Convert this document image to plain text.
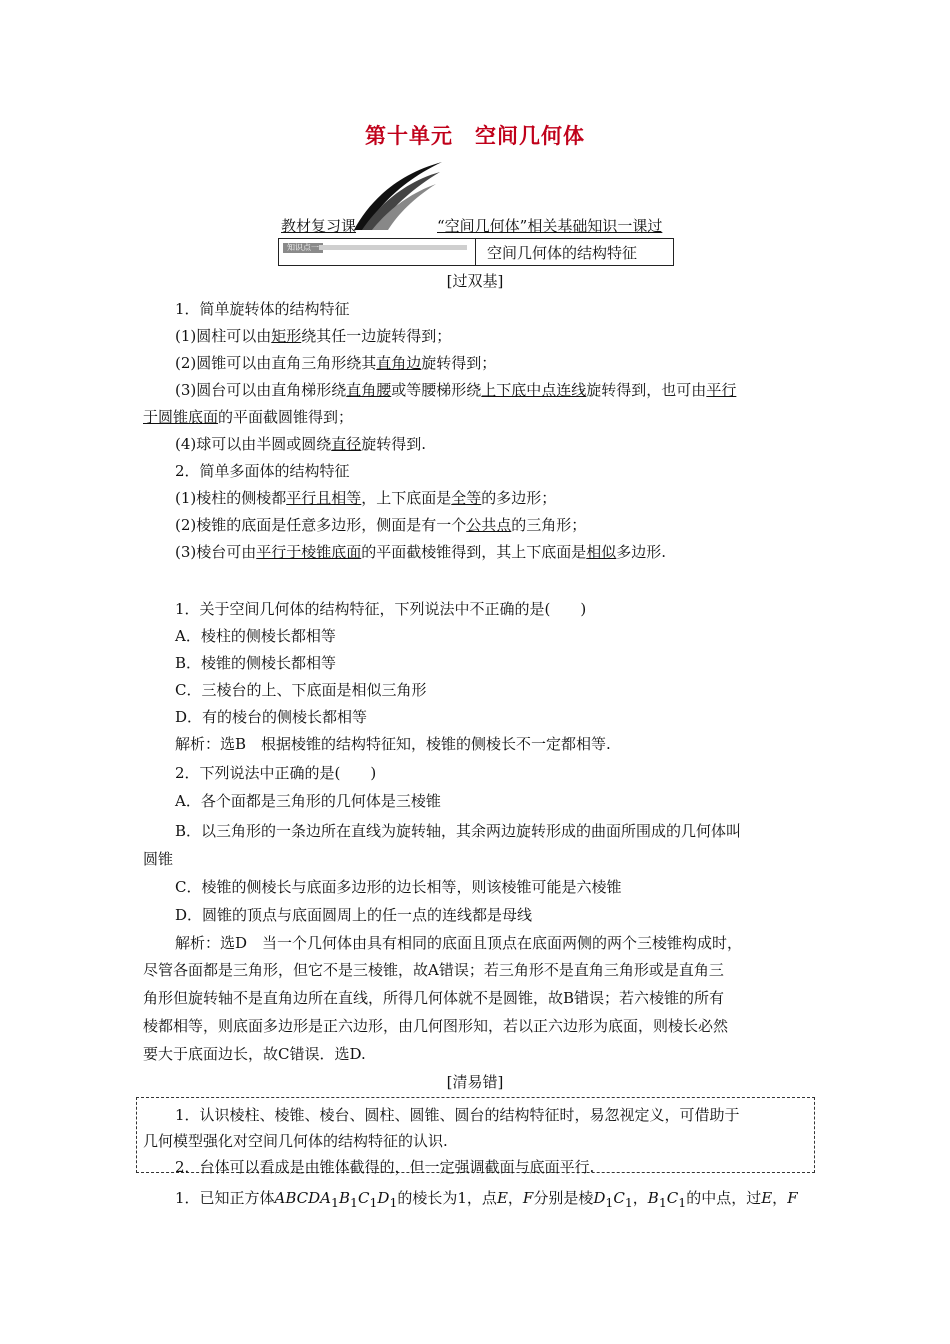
第十单元　空间几何体
教材复习课	“空间几何体”相关基础知识一课过
知识点一	空间几何体的结构特征
[过双基]
1．简单旋转体的结构特征
(1)圆柱可以由矩形绕其任一边旋转得到；
(2)圆锥可以由直角三角形绕其直角边旋转得到；
(3)圆台可以由直角梯形绕直角腰或等腰梯形绕上下底中点连线旋转得到，也可由平行
于圆锥底面的平面截圆锥得到；
(4)球可以由半圆或圆绕直径旋转得到.
2．简单多面体的结构特征
(1)棱柱的侧棱都平行且相等，上下底面是全等的多边形；
(2)棱锥的底面是任意多边形，侧面是有一个公共点的三角形；
(3)棱台可由平行于棱锥底面的平面截棱锥得到，其上下底面是相似多边形.
1．关于空间几何体的结构特征，下列说法中不正确的是(　　)
A．棱柱的侧棱长都相等
B．棱锥的侧棱长都相等
C．三棱台的上、下底面是相似三角形
D．有的棱台的侧棱长都相等
解析：选B　根据棱锥的结构特征知，棱锥的侧棱长不一定都相等.
2．下列说法中正确的是(　　)
A．各个面都是三角形的几何体是三棱锥
B．以三角形的一条边所在直线为旋转轴，其余两边旋转形成的曲面所围成的几何体叫
圆锥
C．棱锥的侧棱长与底面多边形的边长相等，则该棱锥可能是六棱锥
D．圆锥的顶点与底面圆周上的任一点的连线都是母线
解析：选D　当一个几何体由具有相同的底面且顶点在底面两侧的两个三棱锥构成时，
尽管各面都是三角形，但它不是三棱锥，故A错误；若三角形不是直角三角形或是直角三
角形但旋转轴不是直角边所在直线，所得几何体就不是圆锥，故B错误；若六棱锥的所有
棱都相等，则底面多边形是正六边形，由几何图形知，若以正六边形为底面，则棱长必然
要大于底面边长，故C错误．选D.
[清易错]
1．认识棱柱、棱锥、棱台、圆柱、圆锥、圆台的结构特征时，易忽视定义，可借助于
几何模型强化对空间几何体的结构特征的认识.
2．台体可以看成是由锥体截得的，但一定强调截面与底面平行.
1．已知正方体$ABCDA_1B_1C_1D_1$的棱长为1，点E，F分别是棱$D_1C_1$，$B_1C_1$的中点，过E，F
